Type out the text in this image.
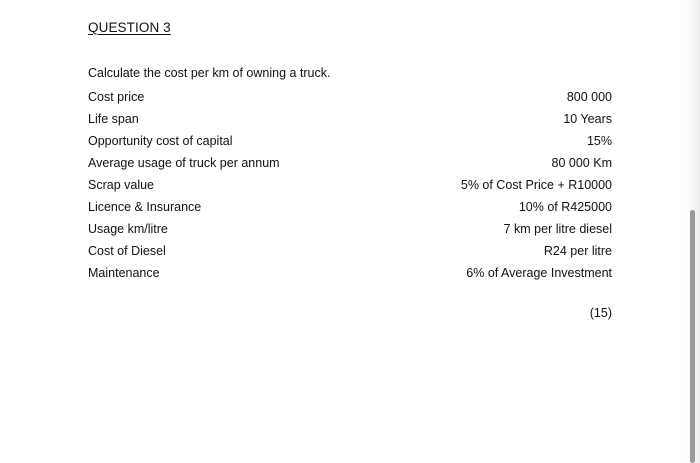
QUESTION 3
Calculate the cost per km of owning a truck.
Cost price	800 000
Life span	10 Years
Opportunity cost of capital	15%
Average usage of truck per annum	80 000 Km
Scrap value	5% of Cost Price + R10000
Licence & Insurance	10% of R425000
Usage km/litre	7 km per litre diesel
Cost of Diesel	R24 per litre
Maintenance	6% of Average Investment
(15)
